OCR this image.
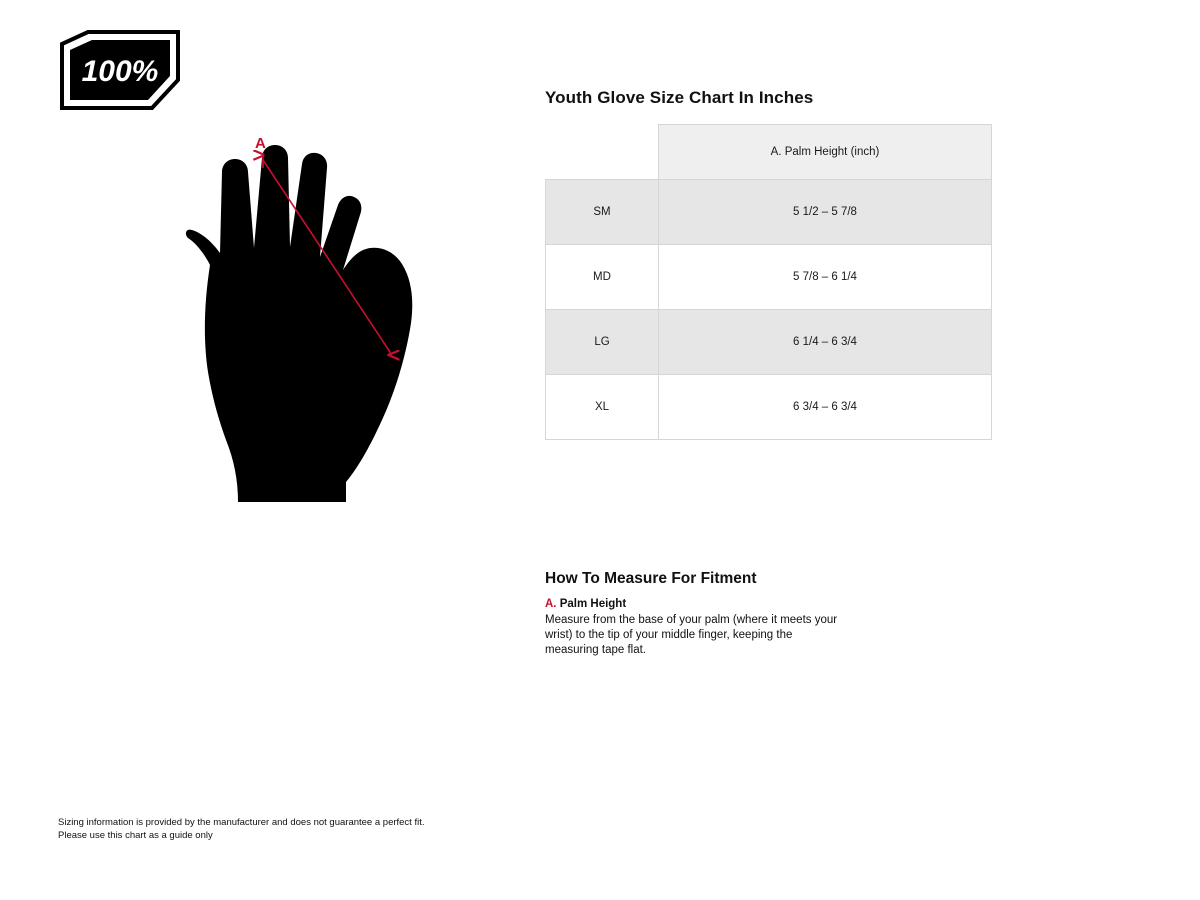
100%
A
Youth Glove Size Chart In Inches
	A. Palm Height (inch)
SM	5 1/2 – 5 7/8
MD	5 7/8 – 6 1/4
LG	6 1/4 – 6 3/4
XL	6 3/4 – 6 3/4
How To Measure For Fitment

A. Palm Height

Measure from the base of your palm (where it meets your wrist) to the tip of your middle finger, keeping the measuring tape flat.

Sizing information is provided by the manufacturer and does not guarantee a perfect fit.
Please use this chart as a guide only
